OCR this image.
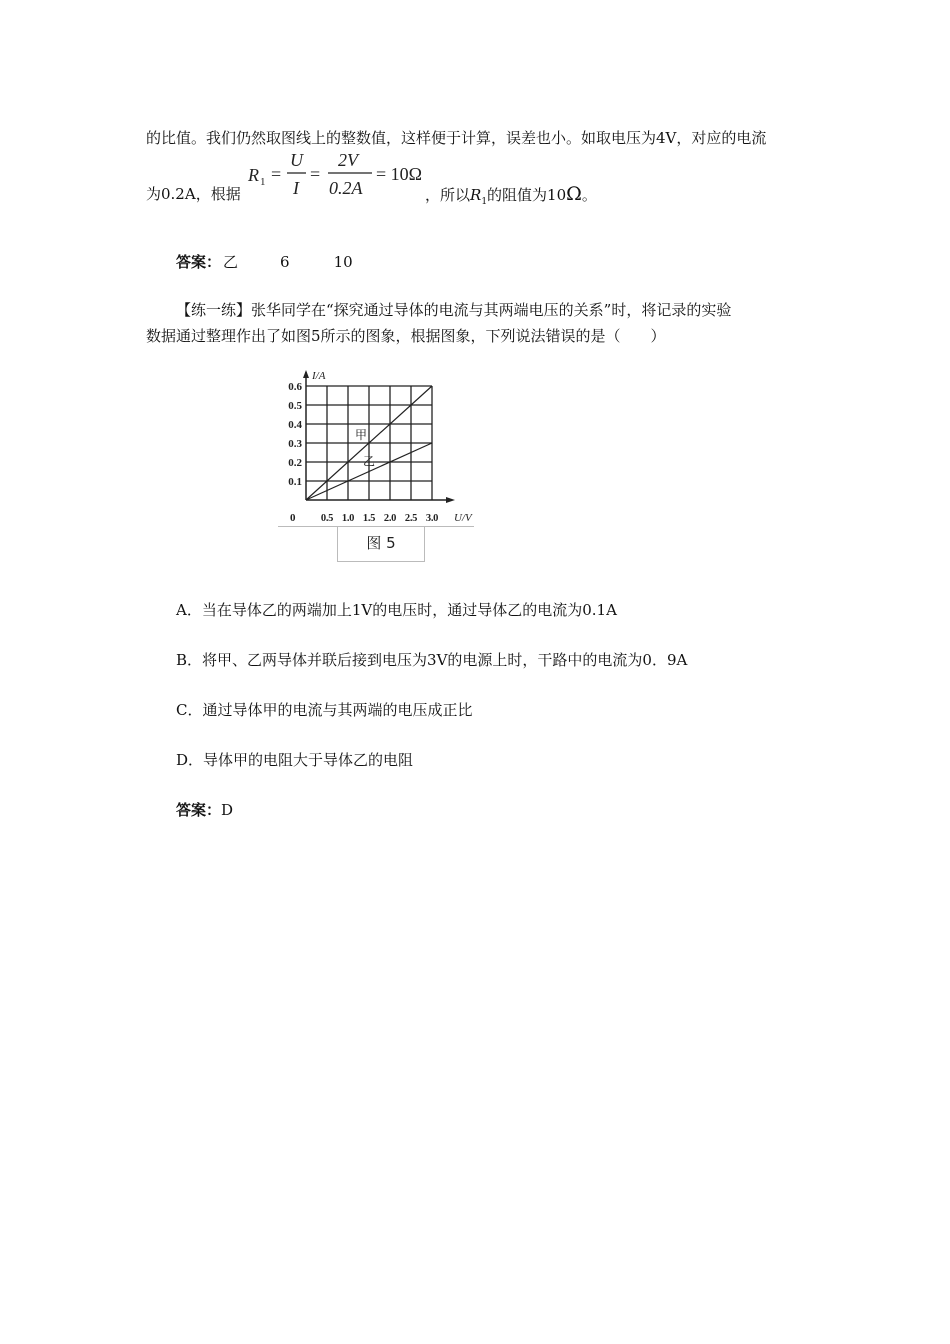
的比值。我们仍然取图线上的整数值，这样便于计算，误差也小。如取电压为4V，对应的电流
为0.2A，根据	，所以$R_1$的阻值为10Ω。
R 1 =
U
I
=
2V
0.2A
= 10Ω
答案： 乙	6	10
【练一练】张华同学在“探究通过导体的电流与其两端电压的关系”时，将记录的实验
数据通过整理作出了如图5所示的图象，根据图象，下列说法错误的是（　　）
I/A
U/V
0
0.1
0.2
0.3
0.4
0.5
0.6
0.5 1.0 1.5 2.0 2.5 3.0
甲
乙
图 5
A．当在导体乙的两端加上1V的电压时，通过导体乙的电流为0.1A
B．将甲、乙两导体并联后接到电压为3V的电源上时，干路中的电流为0．9A
C．通过导体甲的电流与其两端的电压成正比
D．导体甲的电阻大于导体乙的电阻
答案：D
